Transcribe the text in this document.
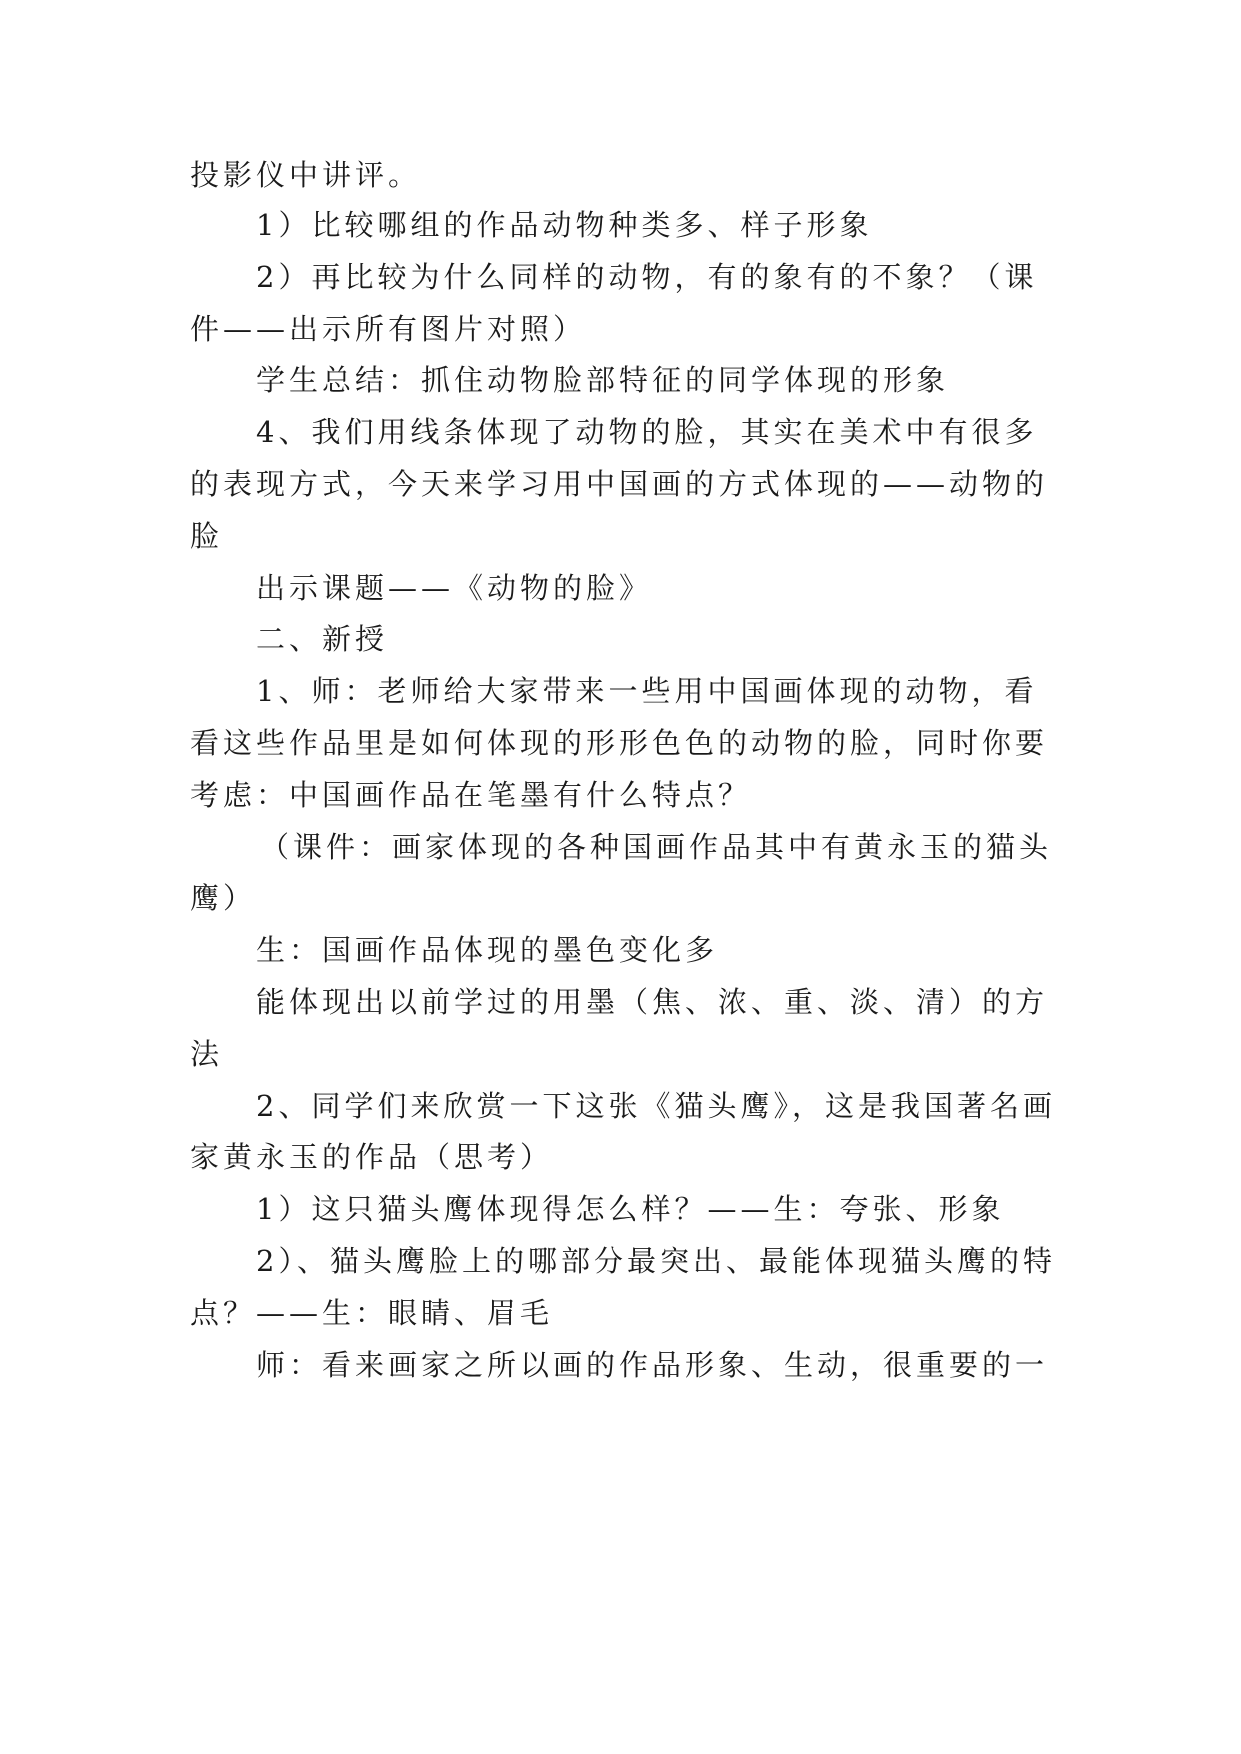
投影仪中讲评。
1）比较哪组的作品动物种类多、样子形象
2）再比较为什么同样的动物，有的象有的不象？（课
件——出示所有图片对照）
学生总结：抓住动物脸部特征的同学体现的形象
4、我们用线条体现了动物的脸，其实在美术中有很多
的表现方式，今天来学习用中国画的方式体现的——动物的
脸
出示课题——《动物的脸》
二、新授
1、师：老师给大家带来一些用中国画体现的动物，看
看这些作品里是如何体现的形形色色的动物的脸，同时你要
考虑：中国画作品在笔墨有什么特点？
（课件：画家体现的各种国画作品其中有黄永玉的猫头
鹰）
生：国画作品体现的墨色变化多
能体现出以前学过的用墨（焦、浓、重、淡、清）的方
法
2、同学们来欣赏一下这张《猫头鹰》，这是我国著名画
家黄永玉的作品（思考）
1）这只猫头鹰体现得怎么样？——生：夸张、形象
2）、猫头鹰脸上的哪部分最突出、最能体现猫头鹰的特
点？——生：眼睛、眉毛
师：看来画家之所以画的作品形象、生动，很重要的一
